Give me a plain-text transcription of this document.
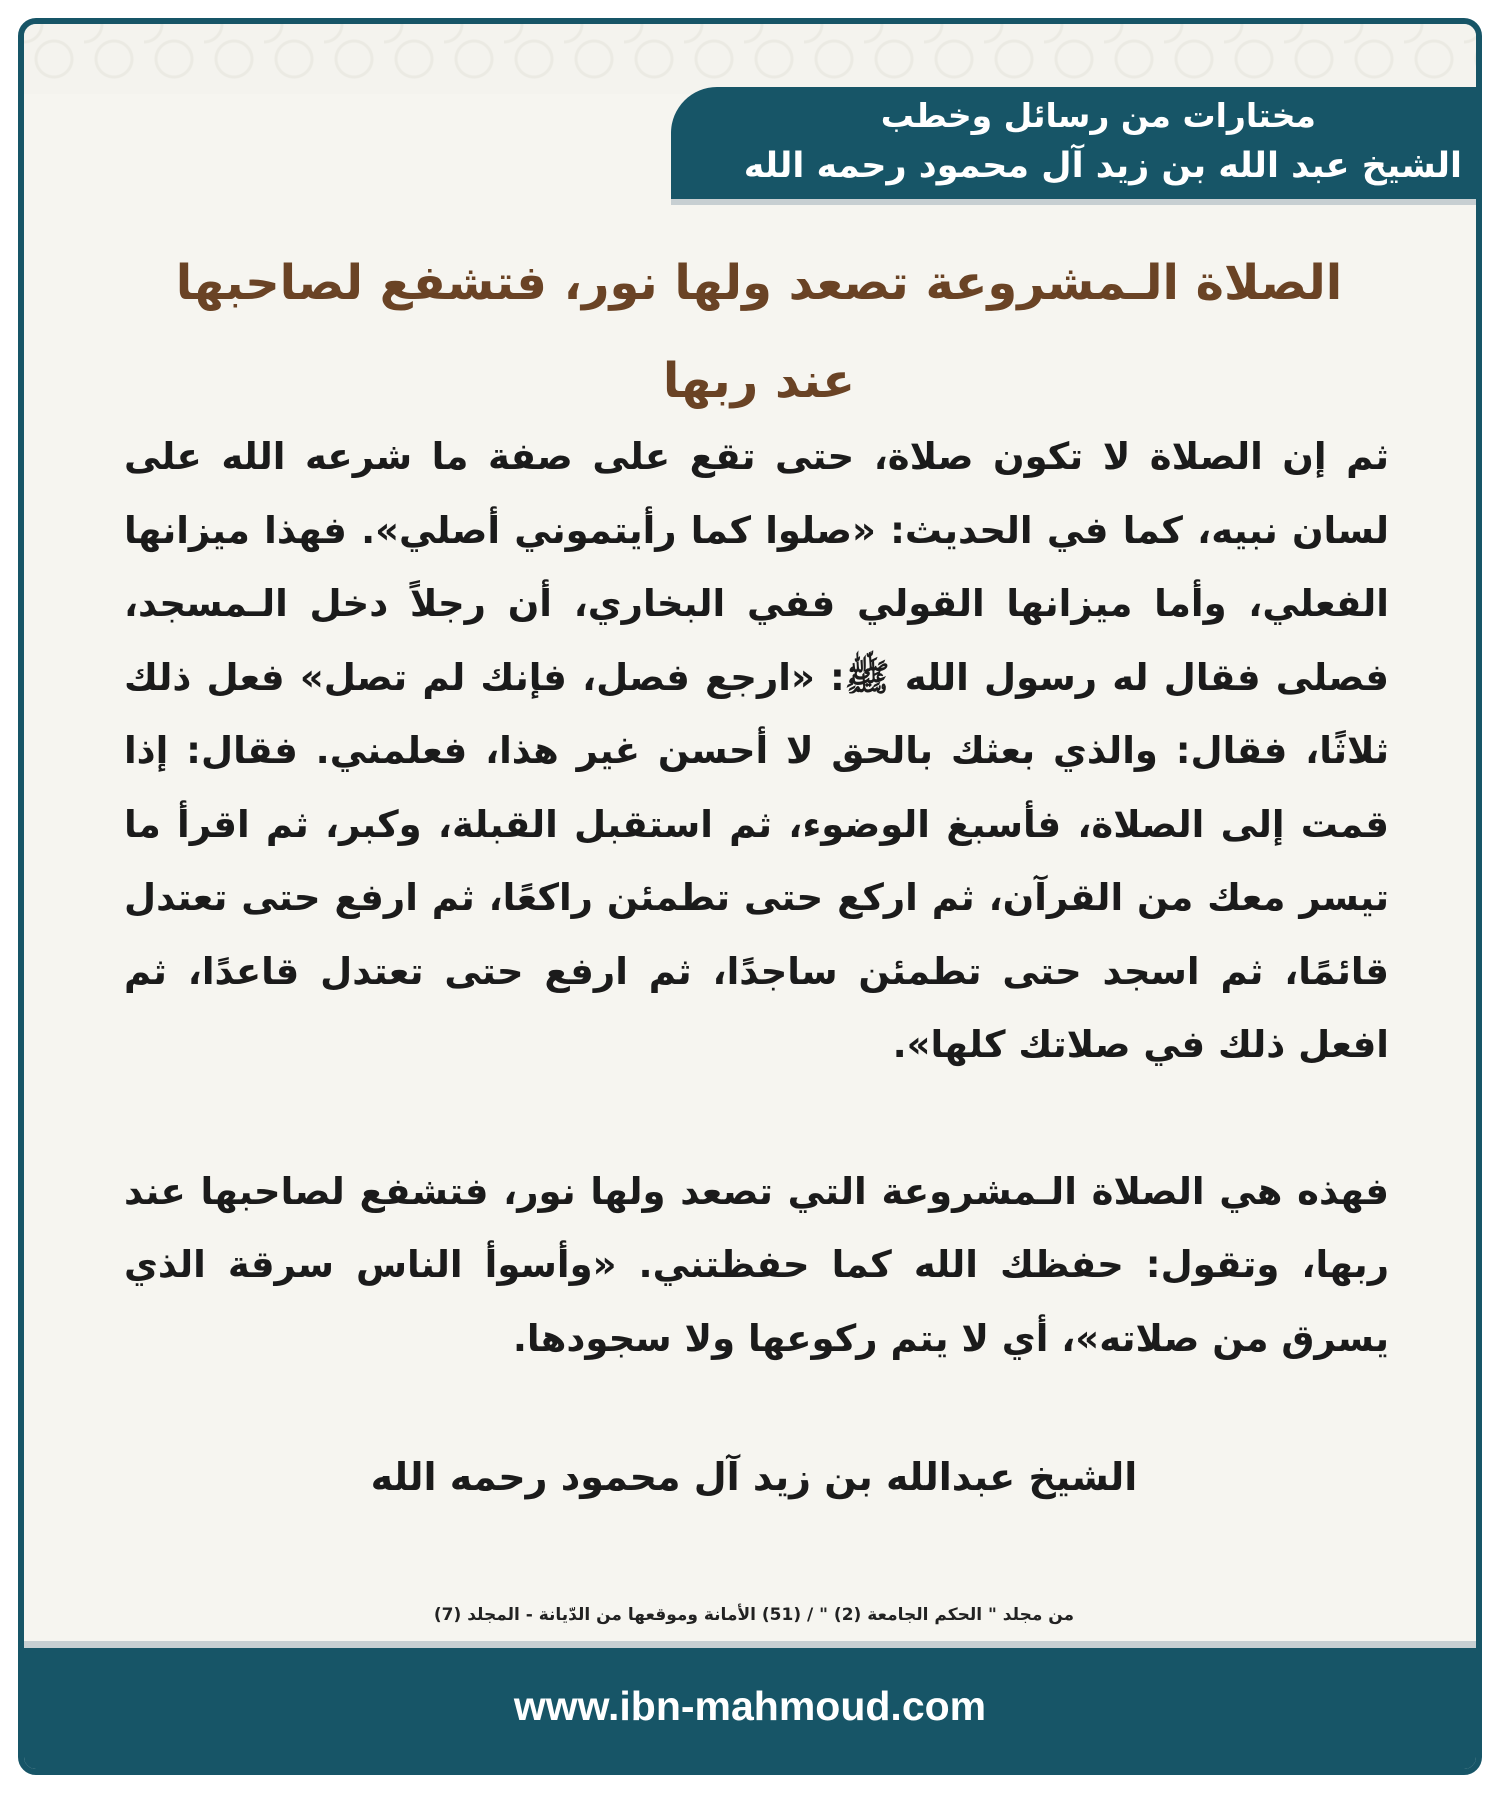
مختارات من رسائل وخطب
الشيخ عبد الله بن زيد آل محمود رحمه الله
الصلاة الـمشروعة تصعد ولها نور، فتشفع لصاحبها عند ربها

ثم إن الصلاة لا تكون صلاة، حتى تقع على صفة ما شرعه الله على لسان نبيه، كما في الحديث: «صلوا كما رأيتموني أصلي». فهذا ميزانها الفعلي، وأما ميزانها القولي ففي البخاري، أن رجلاً دخل الـمسجد، فصلى فقال له رسول الله ﷺ: «ارجع فصل، فإنك لم تصل» فعل ذلك ثلاثًا، فقال: والذي بعثك بالحق لا أحسن غير هذا، فعلمني. فقال: إذا قمت إلى الصلاة، فأسبغ الوضوء، ثم استقبل القبلة، وكبر، ثم اقرأ ما تيسر معك من القرآن، ثم اركع حتى تطمئن راكعًا، ثم ارفع حتى تعتدل قائمًا، ثم اسجد حتى تطمئن ساجدًا، ثم ارفع حتى تعتدل قاعدًا، ثم افعل ذلك في صلاتك كلها».

فهذه هي الصلاة الـمشروعة التي تصعد ولها نور، فتشفع لصاحبها عند ربها، وتقول: حفظك الله كما حفظتني. «وأسوأ الناس سرقة الذي يسرق من صلاته»، أي لا يتم ركوعها ولا سجودها.

الشيخ عبدالله بن زيد آل محمود رحمه الله
من مجلد " الحكم الجامعة (2) " / (51) الأمانة وموقعها من الدّيانة - المجلد (7)
www.ibn-mahmoud.com
